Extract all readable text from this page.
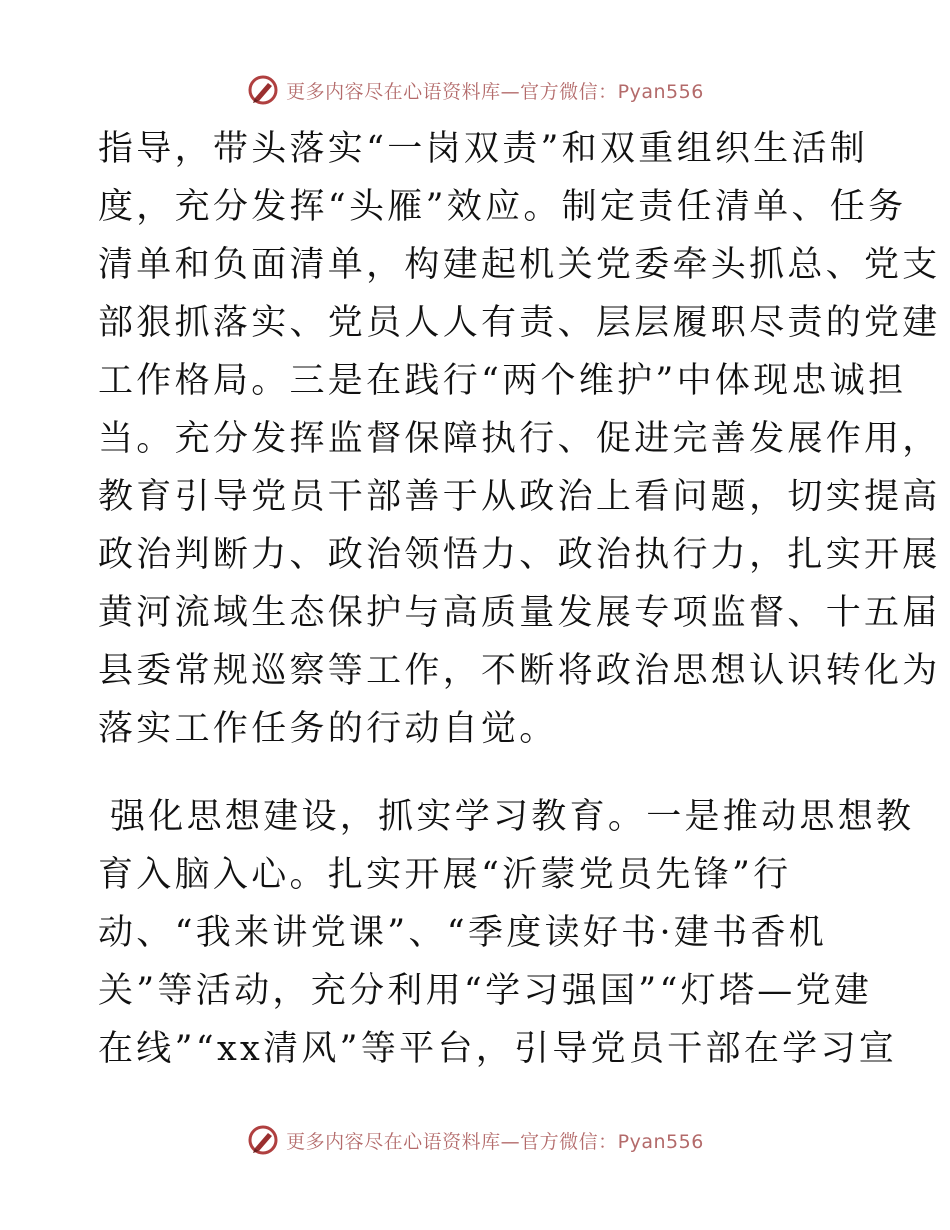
更多内容尽在心语资料库—官方微信：Pyan556
指导，带头落实“一岗双责”和双重组织生活制
度，充分发挥“头雁”效应。制定责任清单、任务
清单和负面清单，构建起机关党委牵头抓总、党支
部狠抓落实、党员人人有责、层层履职尽责的党建
工作格局。三是在践行“两个维护”中体现忠诚担
当。充分发挥监督保障执行、促进完善发展作用，
教育引导党员干部善于从政治上看问题，切实提高
政治判断力、政治领悟力、政治执行力，扎实开展
黄河流域生态保护与高质量发展专项监督、十五届
县委常规巡察等工作，不断将政治思想认识转化为
落实工作任务的行动自觉。
强化思想建设，抓实学习教育。一是推动思想教
育入脑入心。扎实开展“沂蒙党员先锋”行
动、“我来讲党课”、“季度读好书·建书香机
关”等活动，充分利用“学习强国”“灯塔—党建
在线”“xx清风”等平台，引导党员干部在学习宣
更多内容尽在心语资料库—官方微信：Pyan556
